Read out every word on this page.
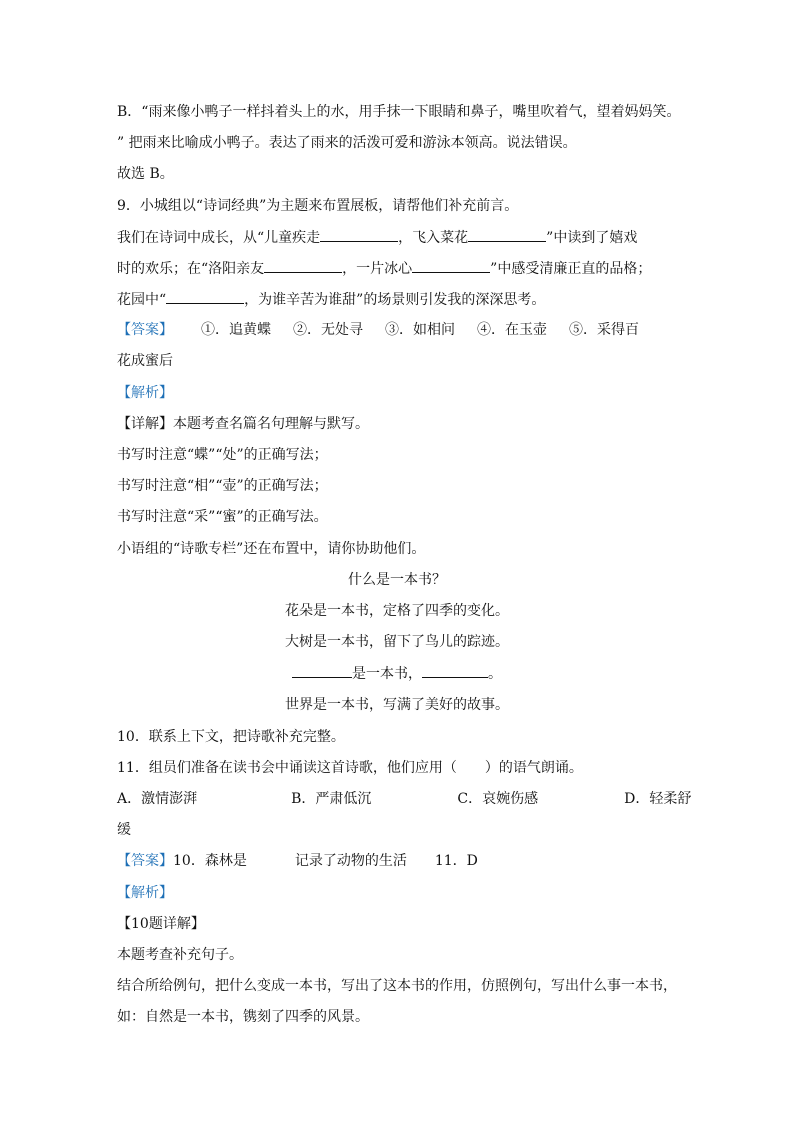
B．“雨来像小鸭子一样抖着头上的水，用手抹一下眼睛和鼻子，嘴里吹着气，望着妈妈笑。
” 把雨来比喻成小鸭子。表达了雨来的活泼可爱和游泳本领高。说法错误。
故选 B。
9．小城组以“诗词经典”为主题来布置展板，请帮他们补充前言。
我们在诗词中成长，从“儿童疾走	，飞入菜花	”中读到了嬉戏
时的欢乐；在“洛阳亲友	，一片冰心	”中感受清廉正直的品格；
花园中“	，为谁辛苦为谁甜”的场景则引发我的深深思考。
【答案】 ①．追黄蝶 ②．无处寻 ③．如相问 ④．在玉壶 ⑤．采得百
花成蜜后
【解析】
【详解】本题考查名篇名句理解与默写。
书写时注意“蝶”“处”的正确写法；
书写时注意“相”“壶”的正确写法；
书写时注意“采”“蜜”的正确写法。
小语组的“诗歌专栏”还在布置中，请你协助他们。
什么是一本书？
花朵是一本书，定格了四季的变化。
大树是一本书，留下了鸟儿的踪迹。
是一本书，	。
世界是一本书，写满了美好的故事。
10．联系上下文，把诗歌补充完整。
11．组员们准备在读书会中诵读这首诗歌，他们应用（　　）的语气朗诵。
A．激情澎湃	B．严肃低沉	C．哀婉伤感	D．轻柔舒
缓
【答案】10．森林是	记录了动物的生活 11．D
【解析】
【10题详解】
本题考查补充句子。
结合所给例句，把什么变成一本书，写出了这本书的作用，仿照例句，写出什么事一本书，
如：自然是一本书，镌刻了四季的风景。
